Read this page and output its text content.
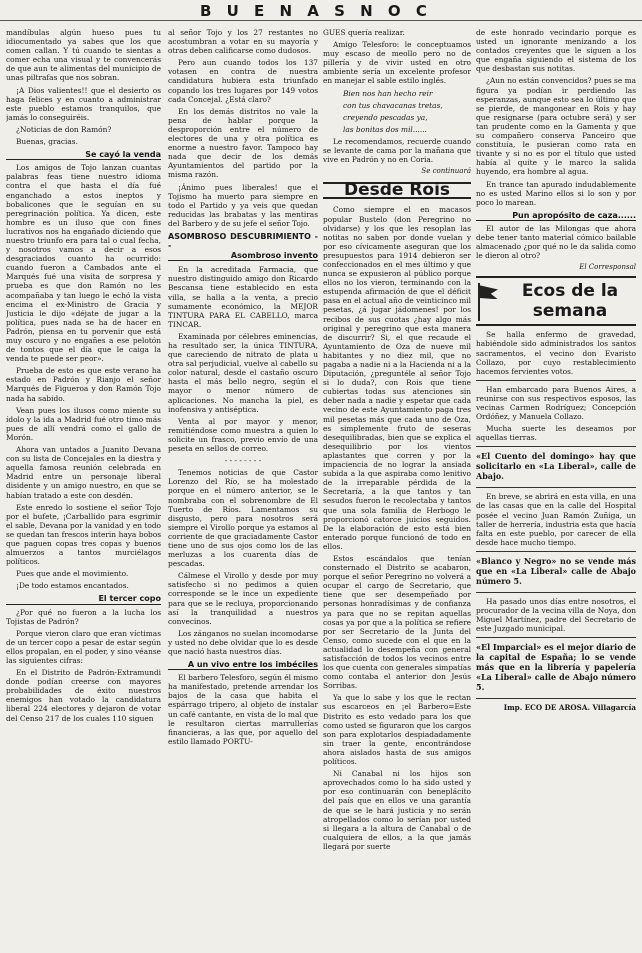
B U E N A S N O C

mandíbulas algún hueso pues tu idiocumentado ya sabes que los que comen callan. Y tú cuando te sientas a comer echa una visual y te convencerás de que aun te alimentas del municipio de unas piltrafas que nos sobran.

¡A Dios valientes!! que el desierto os haga felices y en cuanto a administrar este pueblo estamos tranquilos, que jamás lo conseguiréis.

¿Noticias de don Ramón?

Buenas, gracias.

Se cayó la venda

Los amigos de Tojo lanzan cuantas palabras feas tiene nuestro idioma contra el que hasta el día fué enganchado a estos ineptos y bobalicones que le seguían en su peregrinación política. Ya dicen, este hombre es un iluso que con fines lucrativos nos ha engañado diciendo que nuestro triunfo era para tal o cual fecha, y nosotros vamos a decir a esos desgraciados cuanto ha ocurrido: cuando fueron a Cambados ante el Marqués fué una visita de sorpresa y prueba es que don Ramón no les acompañaba y tan luego le echó la vista encima el ex-Ministro de Gracia y Justicia le dijo «déjate de jugar a la política, pues nada se ha de hacer en Padrón, piensa en tu porvenir que está muy oscuro y no engañes a ese pelotón de tontos que el día que le caiga la venda te puede ser peor».

Prueba de esto es que este verano ha estado en Padrón y Rianjo el señor Marqués de Figueroa y don Ramón Tojo nada ha sabido.

Vean pues los ilusos como miente su ídolo y la ida a Madrid fué otro timo más pues de allí vendrá como el gallo de Morón.

Ahora van untados a Juanito Devana con su lista de Concejales en la diestra y aquella famosa reunión celebrada en Madrid entre un personaje liberal disidente y un amigo nuestro, en que se habían tratado a este con desdén.

Este enredo lo sostiene el señor Tojo por el bufete, ¡Carballido para esgrimir el sable, Devana por la vanidad y en todo se quedan tan frescos interin haya bobos que paguen copas tres copas y buenos almuerzos a tantos murciélagos políticos.

Pues que ande el movimiento.

¡De todo estamos encantados.

El tercer copo

¿Por qué no fueron a la lucha los Tojistas de Padrón?

Porque vieron claro que eran víctimas de un tercer copo a pesar de estar según ellos propalan, en el poder, y sino véanse las siguientes cifras:

En el Distrito de Padrón-Extramundi donde podían creerse con mayores probabilidades de éxito nuestros enemigos han votado la candidatura liberal 224 electores y dejaron de votar del Censo 217 de los cuales 110 siguen

al señor Tojo y los 27 restantes no acostumbran a votar en su mayoría y otras deben calificarse como dudosos.

Pero aun cuando todos los 137 votasen en contra de nuestra candidatura hubiera esta triunfado copando los tres lugares por 149 votos cada Concejal. ¿Está claro?

En los demás distritos no vale la pena de hablar porque la desproporción entre el número de electores de una y otra política es enorme a nuestro favor. Tampoco hay nada que decir de los demás Ayuntamientos del partido por la misma razón.

¡Ánimo pues liberales! que el Tojismo ha muerto para siempre en todo el Partido y ya veis que quedan reducidas las brabatas y las mentiras del Barbero y de su jefe el señor Tojo.

ASOMBROSO DESCUBRIMIENTO - -
Asombroso invento

En la acreditada Farmacia, que nuestro distinguido amigo don Ricardo Bescansa tiene establecido en esta villa, se halla a la venta, a precio sumamente económico, la MEJOR TINTURA PARA EL CABELLO, marca TINCAR.

Examinada por célebres eminencias, ha resultado ser, la única TINTURA, que careciendo de nitrato de plata u otra sal perjudicial, vuelve al cabello su color natural, desde el castaño oscuro hasta el más bello negro, según el mayor o menor número de aplicaciones. No mancha la piel, es inofensiva y antiséptica.

Venta al por mayor y menor, remitiéndose como muestra a quien lo solicite un frasco, previo envío de una peseta en sellos de correo.

- - - - - - - -

Tenemos noticias de que Castor Lorenzo del Río, se ha molestado porque en el número anterior, se le nombraba con el sobrenombre de El Tuerto de Ríos. Lamentamos su disgusto, pero para nosotros será siempre el Virollo porque ya estamos al corriente de que graciadamente Castor tiene uno de sus ojos como los de las merluzas a los cuarenta días de pescadas.

Cálmese el Virollo y desde por muy satisfecho si no pedimos a quien corresponde se le ince un expediente para que se le recluya, proporcionando así la tranquilidad a nuestros convecinos.

Los zánganos no suelan incomodarse y usted no debe olvidar que lo es desde que nació hasta nuestros días.

A un vivo entre los imbéciles

El barbero Telesforo, según él mismo ha manifestado, pretende arrendar los bajos de la casa que habita el espárrago tripero, al objeto de instalar un café cantante, en vista de lo mal que le resultaron ciertas marrullerías financieras, a las que, por aquello del estilo llamado PORTU-

GUES quería realizar.

Amigo Telesforo: le conceptuamos muy escaso de meollo pero no de pillería y de vivir usted en otro ambiente sería un excelente profesor en manejar el sable estilo inglés.

Bien nos han hecho reir

con tus chavacanas tretas,

creyendo pescadas ya,

las bonitas dos mil......

Le recomendamos, recuerde cuando se levante de cama por la mañana que vive en Padrón y no en Coria.

Se continuará
Desde Rois

Como siempre el en macasos popular Bustelo (don Peregrino no olvidarse) y los que les resoplan las notitas no saben por donde vuelan y por eso cívicamente aseguran que los presupuestos para 1914 debieron ser confeccionados en el mes último y que nunca se expusieron al público porque ellos no los vieron, terminando con la estupenda afirmación de que el déficit pasa en el actual año de veinticinco mil pesetas, ¿á jugar jádomenes! por los recibos de sus cuotas ¿hay algo más original y peregrino que esta manera de discurrir? Si, el que recaude el Ayuntamiento de Oza de nueve mil habitantes y no diez mil, que no pagaba a nadie ni a la Hacienda ni a la Diputación, ¿preguntéle al señor Tojo si lo duda?, con Rois que tiene cubiertas todas sus atenciones sin deber nada a nadie y espetar que cada vecino de este Ayuntamiento paga tres mil pesetas más que cada uno de Oza, es simplemente fruto de seseras desequilibradas, bien que se explica el desequilibrio por los vientos aplastantes que corren y por la impaciencia de no lograr la ansiada subida a la que aspiraba como lenitivo de la irreparable pérdida de la Secretaría, a la que tantos y tan sesudos fueron le recolectaba y tantos que una sola familia de Herbogo le proporcionó catorce juicios seguidos. De la elaboración de esto está bien enterado porque funcionó de todo en ellos.

Estos escándalos que tenían consternado el Distrito se acabaron, porque el señor Peregrino no volverá a ocupar el cargo de Secretario, que tiene que ser desempeñado por personas honradísimas y de confianza ya para que no se repitan aquellas cosas ya por que a la política se refiere por ser Secretario de la Junta del Censo, como sucede con el que en la actualidad lo desempeña con general satisfacción de todos los vecinos entre los que cuenta con generales simpatías como contaba el anterior don Jesús Sorribas.

Ya que lo sabe y los que le rectan sus escarceos en ¡el Barbero=Este Distrito es esto vedado para los que como usted se figuraron que los cargos son para explotarlos despiadadamente sin traer la gente, encontrándose ahora aislados hasta de sus amigos políticos.

Ni Canabal ni los hijos son aprovechados como lo ha sido usted y por eso continuarán con beneplácito del país que en ellos ve una garantía de que se le hará justicia y no serán atropellados como lo serían por usted si llegara a la altura de Canabal o de cualquiera de ellos, a la que jamás llegará por suerte

de este honrado vecindario porque es usted un ignorante menizando a los contados creyentes que le siguen a los que engaña siguiendo el sistema de los que desbastan sus notitas.

¿Aun no están convencidos? pues se ma figura ya podían ir perdiendo las esperanzas, aunque esto sea lo último que se pierde, de mangonear en Rois y hay que resignarse (para octubre será) y ser tan prudente como en la Gamenta y que su compañero conserva Panceiro que constituía, le pusieran como rata en tivante y si no es por el título que usted había al quite y le marco la salida huyendo, era hombre al agua.

En trance tan apurado indudablemente no es usted Marino ellos si lo son y por poco lo marean.

Pun apropósito de caza......

El autor de las Milongas que ahora debe tener tanto material cómico bailable almacenado ¿por qué no le da salida como le dieron al otro?

El Corresponsal
Ecos de la
semana

Se halla enfermo de gravedad, habiéndole sido administrados los santos sacramentos, el vecino don Evaristo Collazo, por cuyo restablecimiento hacemos fervientes votos.

Han embarcado para Buenos Aires, a reunirse con sus respectivos esposos, las vecinas Carmen Rodríguez; Concepción Ordóñez, y Manuela Collazo.

Mucha suerte les deseamos por aquellas tierras.

«El Cuento del domingo» hay que solicitarlo en «La Liberal», calle de Abajo.

En breve, se abrirá en esta villa, en una de las casas que en la calle del Hospital posée el vecino Juan Ramón Zuñiga, un taller de herrería, industria esta que hacía falta en este pueblo, por carecer de ella desde hace mucho tiempo.

«Blanco y Negro» no se vende más que en «La Liberal» calle de Abajo número 5.

Ha pasado unos días entre nosotros, el procurador de la vecina villa de Noya, don Miguel Martínez, padre del Secretario de este Juzgado municipal.

«El Imparcial» es el mejor diario de la capital de España; lo se vende más que en la librería y papelería «La Liberal» calle de Abajo número 5.

Imp. ECO DE AROSA. Villagarcía
